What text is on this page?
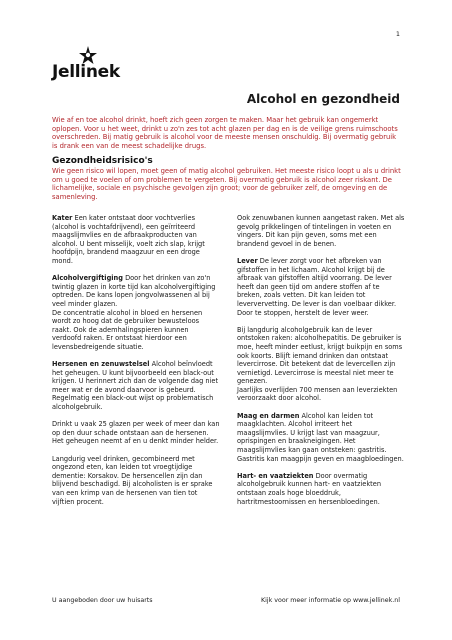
1
Jellinek
Alcohol en gezondheid

Wie af en toe alcohol drinkt, hoeft zich geen zorgen te maken. Maar het gebruik kan ongemerkt oplopen. Voor u het weet, drinkt u zo'n zes tot acht glazen per dag en is de veilige grens ruimschoots overschreden. Bij matig gebruik is alcohol voor de meeste mensen onschuldig. Bij overmatig gebruik is drank een van de meest schadelijke drugs.

Gezondheidsrisico's

Wie geen risico wil lopen, moet geen of matig alcohol gebruiken. Het meeste risico loopt u als u drinkt om u goed te voelen of om problemen te vergeten. Bij overmatig gebruik is alcohol zeer riskant. De lichamelijke, sociale en psychische gevolgen zijn groot; voor de gebruiker zelf, de omgeving en de samenleving.

Kater Een kater ontstaat door vochtverlies (alcohol is vochtafdrijvend), een geïrriteerd maagslijmvlies en de afbraakproducten van alcohol. U bent misselijk, voelt zich slap, krijgt hoofdpijn, brandend maagzuur en een droge mond.

Alcoholvergiftiging Door het drinken van zo'n twintig glazen in korte tijd kan alcoholvergiftiging optreden. De kans lopen jongvolwassenen al bij veel minder glazen.
De concentratie alcohol in bloed en hersenen wordt zo hoog dat de gebruiker bewusteloos raakt. Ook de ademhalingspieren kunnen verdoofd raken. Er ontstaat hierdoor een levensbedreigende situatie.

Hersenen en zenuwstelsel Alcohol beïnvloedt het geheugen. U kunt bijvoorbeeld een black-out krijgen. U herinnert zich dan de volgende dag niet meer wat er de avond daarvoor is gebeurd. Regelmatig een black-out wijst op problematisch alcoholgebruik.

Drinkt u vaak 25 glazen per week of meer dan kan op den duur schade ontstaan aan de hersenen. Het geheugen neemt af en u denkt minder helder.

Langdurig veel drinken, gecombineerd met ongezond eten, kan leiden tot vroegtijdige dementie: Korsakov. De hersencellen zijn dan blijvend beschadigd. Bij alcoholisten is er sprake van een krimp van de hersenen van tien tot vijftien procent.

Ook zenuwbanen kunnen aangetast raken. Met als gevolg prikkelingen of tintelingen in voeten en vingers. Dit kan pijn geven, soms met een brandend gevoel in de benen.

Lever De lever zorgt voor het afbreken van gifstoffen in het lichaam. Alcohol krijgt bij de afbraak van gifstoffen altijd voorrang. De lever heeft dan geen tijd om andere stoffen af te breken, zoals vetten. Dit kan leiden tot leververvetting. De lever is dan voelbaar dikker. Door te stoppen, herstelt de lever weer.

Bij langdurig alcoholgebruik kan de lever ontstoken raken: alcoholhepatitis. De gebruiker is moe, heeft minder eetlust, krijgt buikpijn en soms ook koorts. Blijft iemand drinken dan ontstaat levercirrose. Dit betekent dat de levercellen zijn vernietigd. Levercirrose is meestal niet meer te genezen.
Jaarlijks overlijden 700 mensen aan leverziekten veroorzaakt door alcohol.

Maag en darmen Alcohol kan leiden tot maagklachten. Alcohol irriteert het maagslijmvlies. U krijgt last van maagzuur, oprispingen en braakneigingen. Het maagslijmvlies kan gaan ontsteken: gastritis. Gastritis kan maagpijn geven en maagbloedingen.

Hart- en vaatziekten Door overmatig alcoholgebruik kunnen hart- en vaatziekten ontstaan zoals hoge bloeddruk, hartritmestoornissen en hersenbloedingen.

U aangeboden door uw huisarts	Kijk voor meer informatie op www.jellinek.nl
